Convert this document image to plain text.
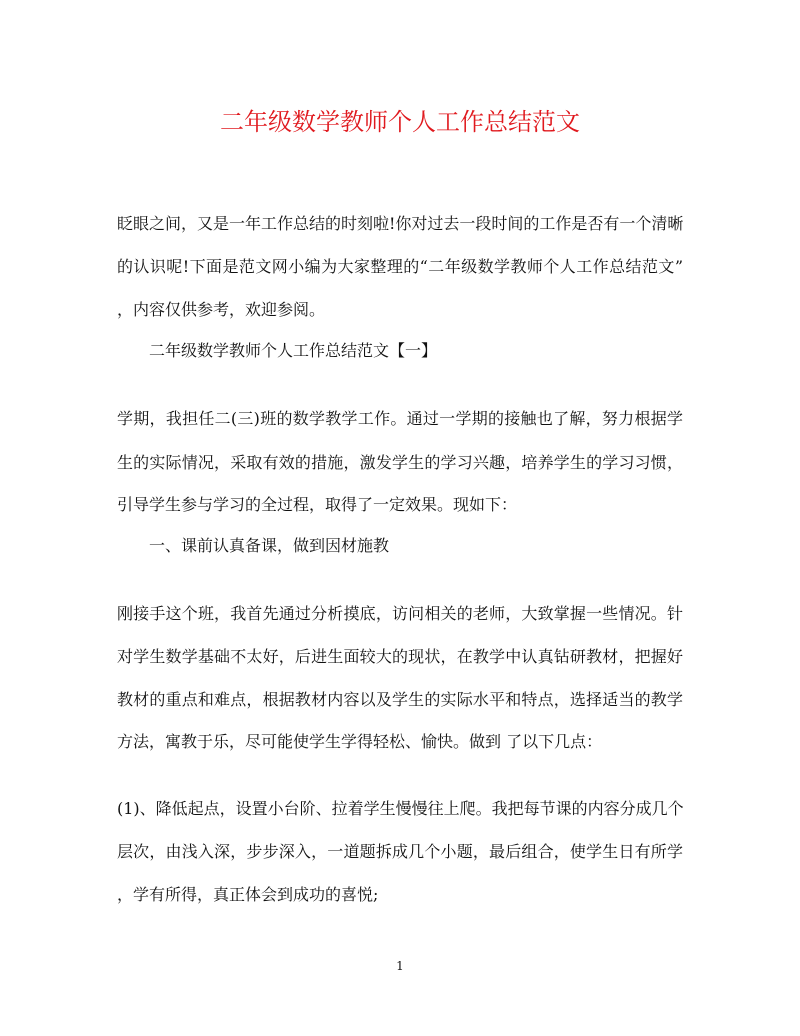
二年级数学教师个人工作总结范文
眨眼之间，又是一年工作总结的时刻啦!你对过去一段时间的工作是否有一个清晰
的认识呢!下面是范文网小编为大家整理的“二年级数学教师个人工作总结范文”
，内容仅供参考，欢迎参阅。
二年级数学教师个人工作总结范文【一】
学期，我担任二(三)班的数学教学工作。通过一学期的接触也了解，努力根据学
生的实际情况，采取有效的措施，激发学生的学习兴趣，培养学生的学习习惯，
引导学生参与学习的全过程，取得了一定效果。现如下：
一、课前认真备课，做到因材施教
刚接手这个班，我首先通过分析摸底，访问相关的老师，大致掌握一些情况。针
对学生数学基础不太好，后进生面较大的现状，在教学中认真钻研教材，把握好
教材的重点和难点，根据教材内容以及学生的实际水平和特点，选择适当的教学
方法，寓教于乐，尽可能使学生学得轻松、愉快。做到 了以下几点：
(1)、降低起点，设置小台阶、拉着学生慢慢往上爬。我把每节课的内容分成几个
层次，由浅入深，步步深入，一道题拆成几个小题，最后组合，使学生日有所学
，学有所得，真正体会到成功的喜悦;
1
